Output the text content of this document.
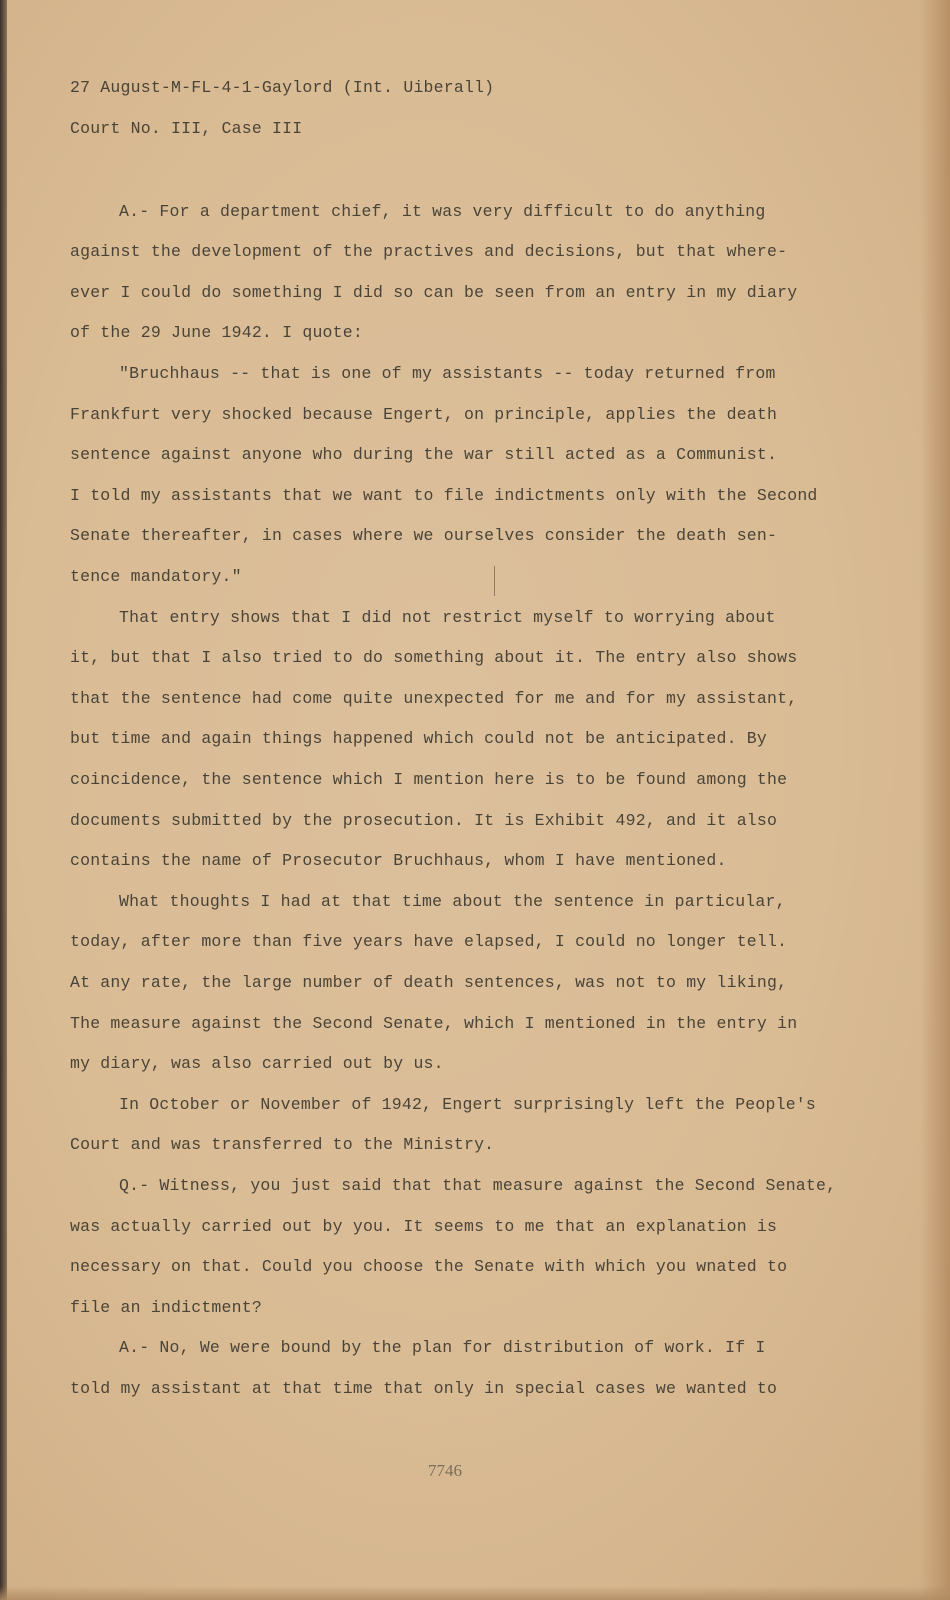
27 August-M-FL-4-1-Gaylord (Int. Uiberall)
Court No. III, Case III
A.- For a department chief, it was very difficult to do anything
against the development of the practives and decisions, but that where-
ever I could do something I did so can be seen from an entry in my diary
of the 29 June 1942. I quote:
"Bruchhaus -- that is one of my assistants -- today returned from
Frankfurt very shocked because Engert, on principle, applies the death
sentence against anyone who during the war still acted as a Communist.
I told my assistants that we want to file indictments only with the Second
Senate thereafter, in cases where we ourselves consider the death sen-
tence mandatory."
That entry shows that I did not restrict myself to worrying about
it, but that I also tried to do something about it. The entry also shows
that the sentence had come quite unexpected for me and for my assistant,
but time and again things happened which could not be anticipated. By
coincidence, the sentence which I mention here is to be found among the
documents submitted by the prosecution. It is Exhibit 492, and it also
contains the name of Prosecutor Bruchhaus, whom I have mentioned.
What thoughts I had at that time about the sentence in particular,
today, after more than five years have elapsed, I could no longer tell.
At any rate, the large number of death sentences, was not to my liking,
The measure against the Second Senate, which I mentioned in the entry in
my diary, was also carried out by us.
In October or November of 1942, Engert surprisingly left the People's
Court and was transferred to the Ministry.
Q.- Witness, you just said that that measure against the Second Senate,
was actually carried out by you. It seems to me that an explanation is
necessary on that. Could you choose the Senate with which you wnated to
file an indictment?
A.- No, We were bound by the plan for distribution of work. If I
told my assistant at that time that only in special cases we wanted to
7746
